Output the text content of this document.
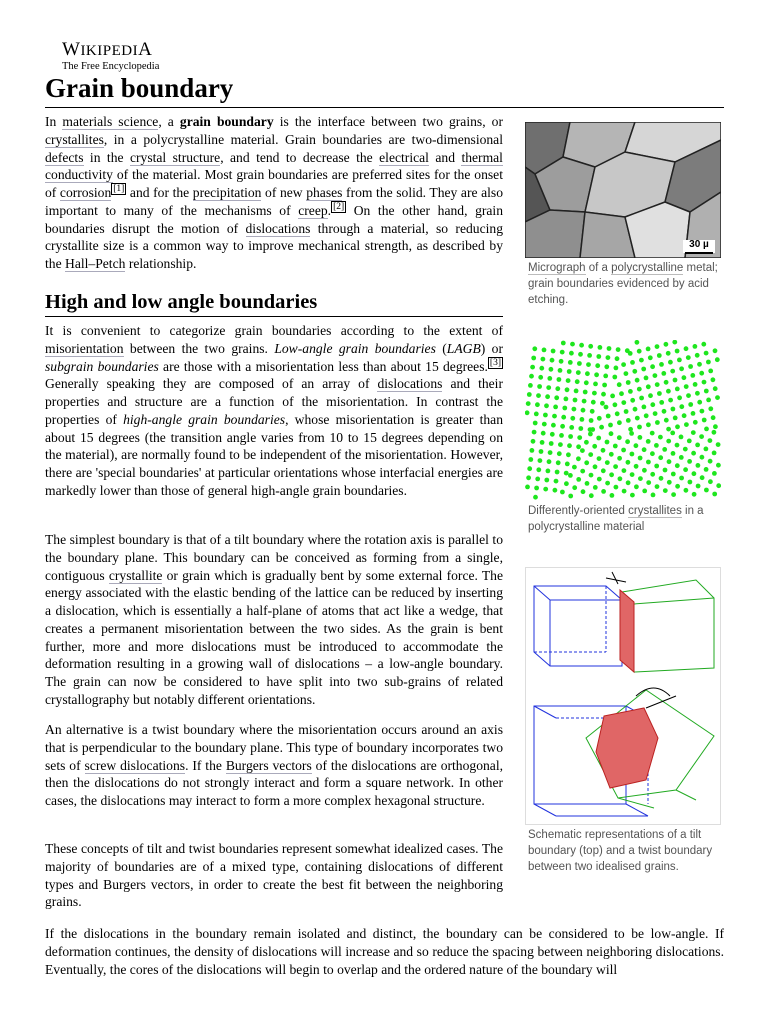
WIKIPEDIA
The Free Encyclopedia
Grain boundary

In materials science, a grain boundary is the interface between two grains, or crystallites, in a polycrystalline material. Grain boundaries are two-dimensional defects in the crystal structure, and tend to decrease the electrical and thermal conductivity of the material. Most grain boundaries are preferred sites for the onset of corrosion [1] and for the precipitation of new phases from the solid. They are also important to many of the mechanisms of creep. [2] On the other hand, grain boundaries disrupt the motion of dislocations through a material, so reducing crystallite size is a common way to improve mechanical strength, as described by the Hall–Petch relationship.

High and low angle boundaries

It is convenient to categorize grain boundaries according to the extent of misorientation between the two grains. Low-angle grain boundaries (LAGB) or subgrain boundaries are those with a misorientation less than about 15 degrees. [3] Generally speaking they are composed of an array of dislocations and their properties and structure are a function of the misorientation. In contrast the properties of high-angle grain boundaries, whose misorientation is greater than about 15 degrees (the transition angle varies from 10 to 15 degrees depending on the material), are normally found to be independent of the misorientation. However, there are 'special boundaries' at particular orientations whose interfacial energies are markedly lower than those of general high-angle grain boundaries.

The simplest boundary is that of a tilt boundary where the rotation axis is parallel to the boundary plane. This boundary can be conceived as forming from a single, contiguous crystallite or grain which is gradually bent by some external force. The energy associated with the elastic bending of the lattice can be reduced by inserting a dislocation, which is essentially a half-plane of atoms that act like a wedge, that creates a permanent misorientation between the two sides. As the grain is bent further, more and more dislocations must be introduced to accommodate the deformation resulting in a growing wall of dislocations – a low-angle boundary. The grain can now be considered to have split into two sub-grains of related crystallography but notably different orientations.

An alternative is a twist boundary where the misorientation occurs around an axis that is perpendicular to the boundary plane. This type of boundary incorporates two sets of screw dislocations. If the Burgers vectors of the dislocations are orthogonal, then the dislocations do not strongly interact and form a square network. In other cases, the dislocations may interact to form a more complex hexagonal structure.

These concepts of tilt and twist boundaries represent somewhat idealized cases. The majority of boundaries are of a mixed type, containing dislocations of different types and Burgers vectors, in order to create the best fit between the neighboring grains.

If the dislocations in the boundary remain isolated and distinct, the boundary can be considered to be low-angle. If deformation continues, the density of dislocations will increase and so reduce the spacing between neighboring dislocations. Eventually, the cores of the dislocations will begin to overlap and the ordered nature of the boundary will

30 µ
Micrograph of a polycrystalline metal; grain boundaries evidenced by acid etching.
Differently-oriented crystallites in a polycrystalline material
Schematic representations of a tilt boundary (top) and a twist boundary between two idealised grains.
